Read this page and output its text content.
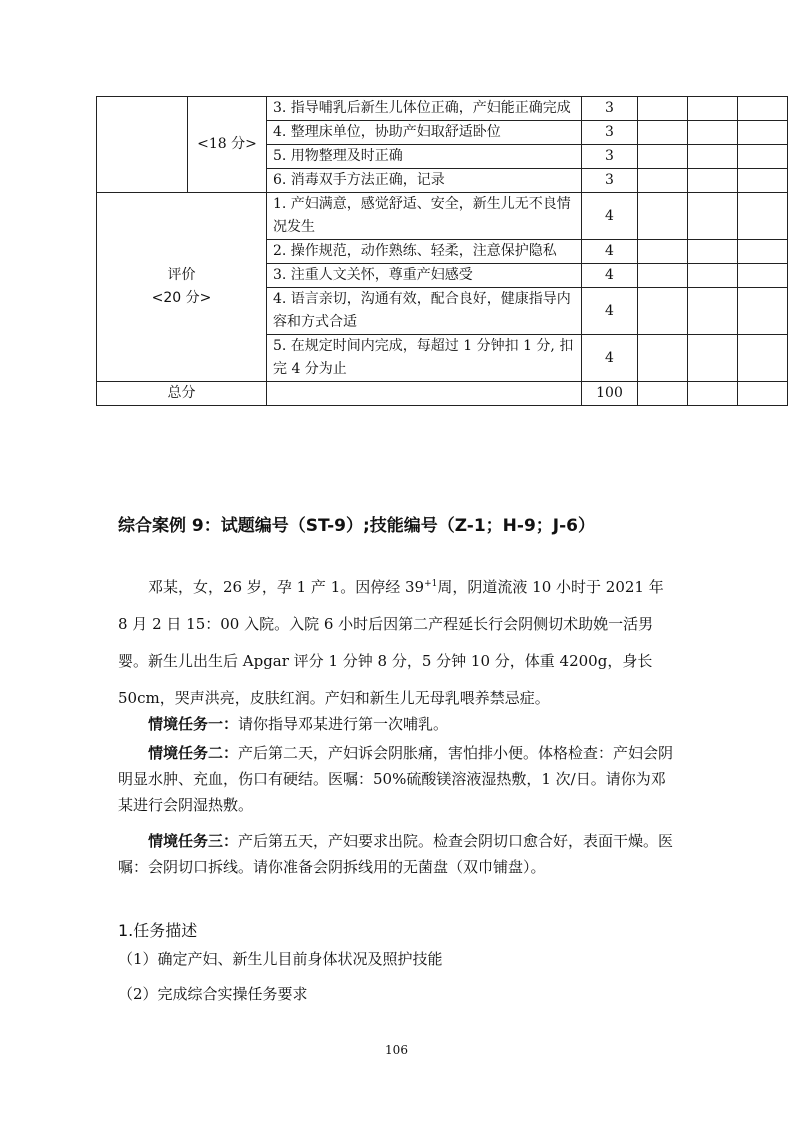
	<18 分>	3. 指导哺乳后新生儿体位正确，产妇能正确完成	3			
		4. 整理床单位，协助产妇取舒适卧位	3			
		5. 用物整理及时正确	3			
		6. 消毒双手方法正确，记录	3			

评价
<20 分>		1. 产妇满意，感觉舒适、安全，新生儿无不良情况发生	4			
		2. 操作规范，动作熟练、轻柔，注意保护隐私	4			
		3. 注重人文关怀，尊重产妇感受	4			
		4. 语言亲切，沟通有效，配合良好，健康指导内容和方式合适	4			
		5. 在规定时间内完成，每超过 1 分钟扣 1 分, 扣完 4 分为止	4			
总分			100			
综合案例 9：试题编号（ST-9）;技能编号（Z-1；H-9；J-6）
邓某，女，26 岁，孕 1 产 1。因停经 $39^{+1}$周，阴道流液 10 小时于 2021 年 8 月 2 日 15：00 入院。入院 6 小时后因第二产程延长行会阴侧切术助娩一活男婴。新生儿出生后 Apgar 评分 1 分钟 8 分，5 分钟 10 分，体重 4200g，身长 50cm，哭声洪亮，皮肤红润。产妇和新生儿无母乳喂养禁忌症。
情境任务一：请你指导邓某进行第一次哺乳。
情境任务二：产后第二天，产妇诉会阴胀痛，害怕排小便。体格检查：产妇会阴明显水肿、充血，伤口有硬结。医嘱：50%硫酸镁溶液湿热敷，1 次/日。请你为邓某进行会阴湿热敷。
情境任务三：产后第五天，产妇要求出院。检查会阴切口愈合好，表面干燥。医嘱：会阴切口拆线。请你准备会阴拆线用的无菌盘（双巾铺盘）。
1.任务描述
（1）确定产妇、新生儿目前身体状况及照护技能
（2）完成综合实操任务要求
106
